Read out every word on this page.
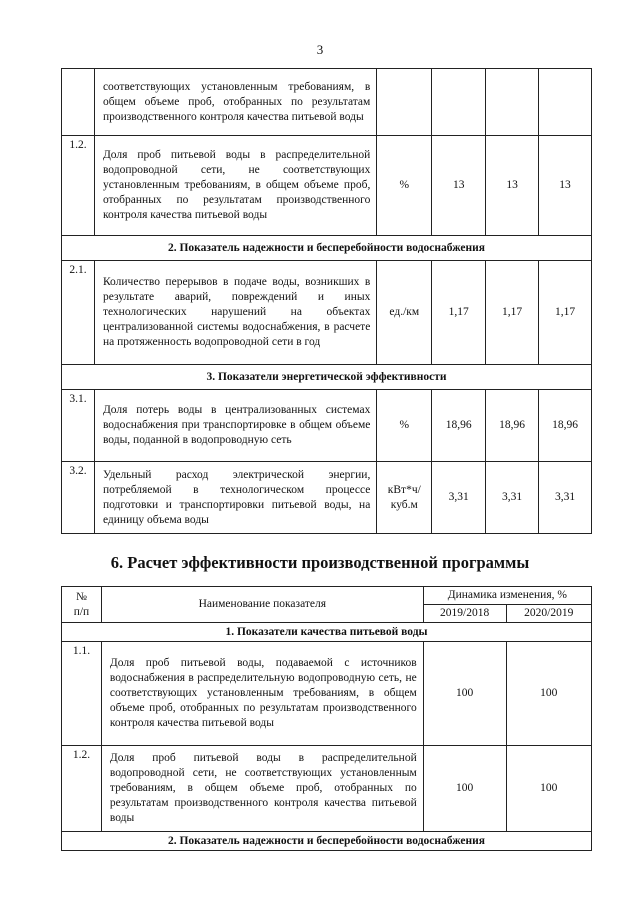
3
	соответствующих установленным требованиям, в общем объеме проб, отобранных по результатам производственного контроля качества питьевой воды				
1.2.	Доля проб питьевой воды в распределительной водопроводной сети, не соответствующих установленным требованиям, в общем объеме проб, отобранных по результатам производственного контроля качества питьевой воды	%	13	13	13
2. Показатель надежности и бесперебойности водоснабжения					
2.1.	Количество перерывов в подаче воды, возникших в результате аварий, повреждений и иных технологических нарушений на объектах централизованной системы водоснабжения, в расчете на протяженность водопроводной сети в год	ед./км	1,17	1,17	1,17
3. Показатели энергетической эффективности					
3.1.	Доля потерь воды в централизованных системах водоснабжения при транспортировке в общем объеме воды, поданной в водопроводную сеть	%	18,96	18,96	18,96
3.2.	Удельный расход электрической энергии, потребляемой в технологическом процессе подготовки и транспортировки питьевой воды, на единицу объема воды	кВт*ч/ куб.м	3,31	3,31	3,31
6. Расчет эффективности производственной программы
№
п/п	Наименование показателя	Динамика изменения, %	
		2019/2018	2020/2019
1. Показатели качества питьевой воды			
1.1.	Доля проб питьевой воды, подаваемой с источников водоснабжения в распределительную водопроводную сеть, не соответствующих установленным требованиям, в общем объеме проб, отобранных по результатам производственного контроля качества питьевой воды	100	100
1.2.	Доля проб питьевой воды в распределительной водопроводной сети, не соответствующих установленным требованиям, в общем объеме проб, отобранных по результатам производственного контроля качества питьевой воды	100	100
2. Показатель надежности и бесперебойности водоснабжения			
